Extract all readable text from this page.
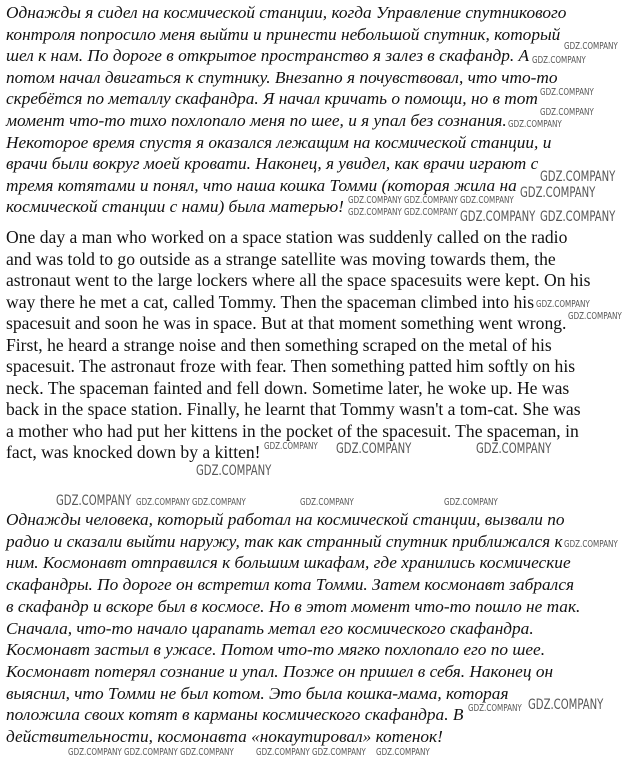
Однажды я сидел на космической станции, когда Управление спутникового
контроля попросило меня выйти и принести небольшой спутник, который
шел к нам. По дороге в открытое пространство я залез в скафандр. А
потом начал двигаться к спутнику. Внезапно я почувствовал, что что-то
скребётся по металлу скафандра. Я начал кричать о помощи, но в тот
момент что-то тихо похлопало меня по шее, и я упал без сознания.
Некоторое время спустя я оказался лежащим на космической станции, и
врачи были вокруг моей кровати. Наконец, я увидел, как врачи играют с
тремя котятами и понял, что наша кошка Томми (которая жила на
космической станции с нами) была матерью!
One day a man who worked on a space station was suddenly called on the radio
and was told to go outside as a strange satellite was moving towards them, the
astronaut went to the large lockers where all the space spacesuits were kept. On his
way there he met a cat, called Tommy. Then the spaceman climbed into his
spacesuit and soon he was in space. But at that moment something went wrong.
First, he heard a strange noise and then something scraped on the metal of his
spacesuit. The astronaut froze with fear. Then something patted him softly on his
neck. The spaceman fainted and fell down. Sometime later, he woke up. He was
back in the space station. Finally, he learnt that Tommy wasn't a tom-cat. She was
a mother who had put her kittens in the pocket of the spacesuit. The spaceman, in
fact, was knocked down by a kitten!
Однажды человека, который работал на космической станции, вызвали по
радио и сказали выйти наружу, так как странный спутник приближался к
ним. Космонавт отправился к большим шкафам, где хранились космические
скафандры. По дороге он встретил кота Томми. Затем космонавт забрался
в скафандр и вскоре был в космосе. Но в этот момент что-то пошло не так.
Сначала, что-то начало царапать метал его космического скафандра.
Космонавт застыл в ужасе. Потом что-то мягко похлопало его по шее.
Космонавт потерял сознание и упал. Позже он пришел в себя. Наконец он
выяснил, что Томми не был котом. Это была кошка-мама, которая
положила своих котят в карманы космического скафандра. В
действительности, космонавта «нокаутировал» котенок!
GDZ.COMPANY
GDZ.COMPANY
GDZ.COMPANY
GDZ.COMPANY
GDZ.COMPANY
GDZ.COMPANY
GDZ.COMPANY
GDZ.COMPANY
GDZ.COMPANY
GDZ.COMPANY
GDZ.COMPANY
GDZ.COMPANY GDZ.COMPANY
GDZ.COMPANY
GDZ.COMPANY
GDZ.COMPANY
GDZ.COMPANY
GDZ.COMPANY	GDZ.COMPANY
GDZ.COMPANY
GDZ.COMPANY	GDZ.COMPANY	GDZ.COMPANY
GDZ.COMPANY
GDZ.COMPANY GDZ.COMPANY
GDZ.COMPANY	GDZ.COMPANY
GDZ.COMPANY GDZ.COMPANY
GDZ.COMPANY	GDZ.COMPANY	GDZ.COMPANY GDZ.COMPANY
